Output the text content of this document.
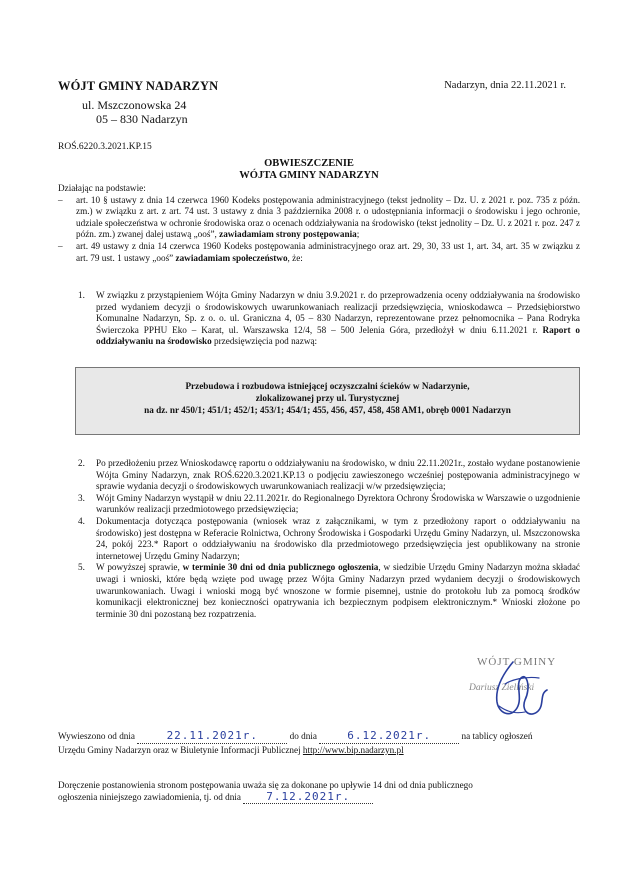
WÓJT GMINY NADARZYN
ul. Mszczonowska 24
05 – 830 Nadarzyn
Nadarzyn, dnia 22.11.2021 r.
ROŚ.6220.3.2021.KP.15
OBWIESZCZENIE
WÓJTA GMINY NADARZYN
Działając na podstawie:
– art. 10 § ustawy z dnia 14 czerwca 1960 Kodeks postępowania administracyjnego (tekst jednolity – Dz. U. z 2021 r. poz. 735 z późn. zm.) w związku z art. z art. 74 ust. 3 ustawy z dnia 3 października 2008 r. o udostępniania informacji o środowisku i jego ochronie, udziale społeczeństwa w ochronie środowiska oraz o ocenach oddziaływania na środowisko (tekst jednolity – Dz. U. z 2021 r. poz. 247 z późn. zm.) zwanej dalej ustawą „ooś”, zawiadamiam strony postępowania;
– art. 49 ustawy z dnia 14 czerwca 1960 Kodeks postępowania administracyjnego oraz art. 29, 30, 33 ust 1, art. 34, art. 35 w związku z art. 79 ust. 1 ustawy „ooś” zawiadamiam społeczeństwo, że:
1. W związku z przystąpieniem Wójta Gminy Nadarzyn w dniu 3.9.2021 r. do przeprowadzenia oceny oddziaływania na środowisko przed wydaniem decyzji o środowiskowych uwarunkowaniach realizacji przedsięwzięcia, wnioskodawca – Przedsiębiorstwo Komunalne Nadarzyn, Sp. z o. o. ul. Graniczna 4, 05 – 830 Nadarzyn, reprezentowane przez pełnomocnika – Pana Rodryka Świerczoka PPHU Eko – Karat, ul. Warszawska 12/4, 58 – 500 Jelenia Góra, przedłożył w dniu 6.11.2021 r. Raport o oddziaływaniu na środowisko przedsięwzięcia pod nazwą:
Przebudowa i rozbudowa istniejącej oczyszczalni ścieków w Nadarzynie,
zlokalizowanej przy ul. Turystycznej
na dz. nr 450/1; 451/1; 452/1; 453/1; 454/1; 455, 456, 457, 458, 458 AM1, obręb 0001 Nadarzyn
2. Po przedłożeniu przez Wnioskodawcę raportu o oddziaływaniu na środowisko, w dniu 22.11.2021r., zostało wydane postanowienie Wójta Gminy Nadarzyn, znak ROŚ.6220.3.2021.KP.13 o podjęciu zawieszonego wcześniej postępowania administracyjnego w sprawie wydania decyzji o środowiskowych uwarunkowaniach realizacji w/w przedsięwzięcia;
3. Wójt Gminy Nadarzyn wystąpił w dniu 22.11.2021r. do Regionalnego Dyrektora Ochrony Środowiska w Warszawie o uzgodnienie warunków realizacji przedmiotowego przedsięwzięcia;
4. Dokumentacja dotycząca postępowania (wniosek wraz z załącznikami, w tym z przedłożony raport o oddziaływaniu na środowisko) jest dostępna w Referacie Rolnictwa, Ochrony Środowiska i Gospodarki Urzędu Gminy Nadarzyn, ul. Mszczonowska 24, pokój 223.* Raport o oddziaływaniu na środowisko dla przedmiotowego przedsięwzięcia jest opublikowany na stronie internetowej Urzędu Gminy Nadarzyn;
5. W powyższej sprawie, w terminie 30 dni od dnia publicznego ogłoszenia, w siedzibie Urzędu Gminy Nadarzyn można składać uwagi i wnioski, które będą wzięte pod uwagę przez Wójta Gminy Nadarzyn przed wydaniem decyzji o środowiskowych uwarunkowaniach. Uwagi i wnioski mogą być wnoszone w formie pisemnej, ustnie do protokołu lub za pomocą środków komunikacji elektronicznej bez konieczności opatrywania ich bezpiecznym podpisem elektronicznym.* Wnioski złożone po terminie 30 dni pozostaną bez rozpatrzenia.
WÓJT GMINY
Dariusz Zieliński
Wywieszono od dnia	22.11.2021r.	do dnia	6.12.2021r.	na tablicy ogłoszeń
Urzędu Gminy Nadarzyn oraz w Biuletynie Informacji Publicznej http://www.bip.nadarzyn.pl
Doręczenie postanowienia stronom postępowania uważa się za dokonane po upływie 14 dni od dnia publicznego
ogłoszenia niniejszego zawiadomienia, tj. od dnia 7.12.2021r.
